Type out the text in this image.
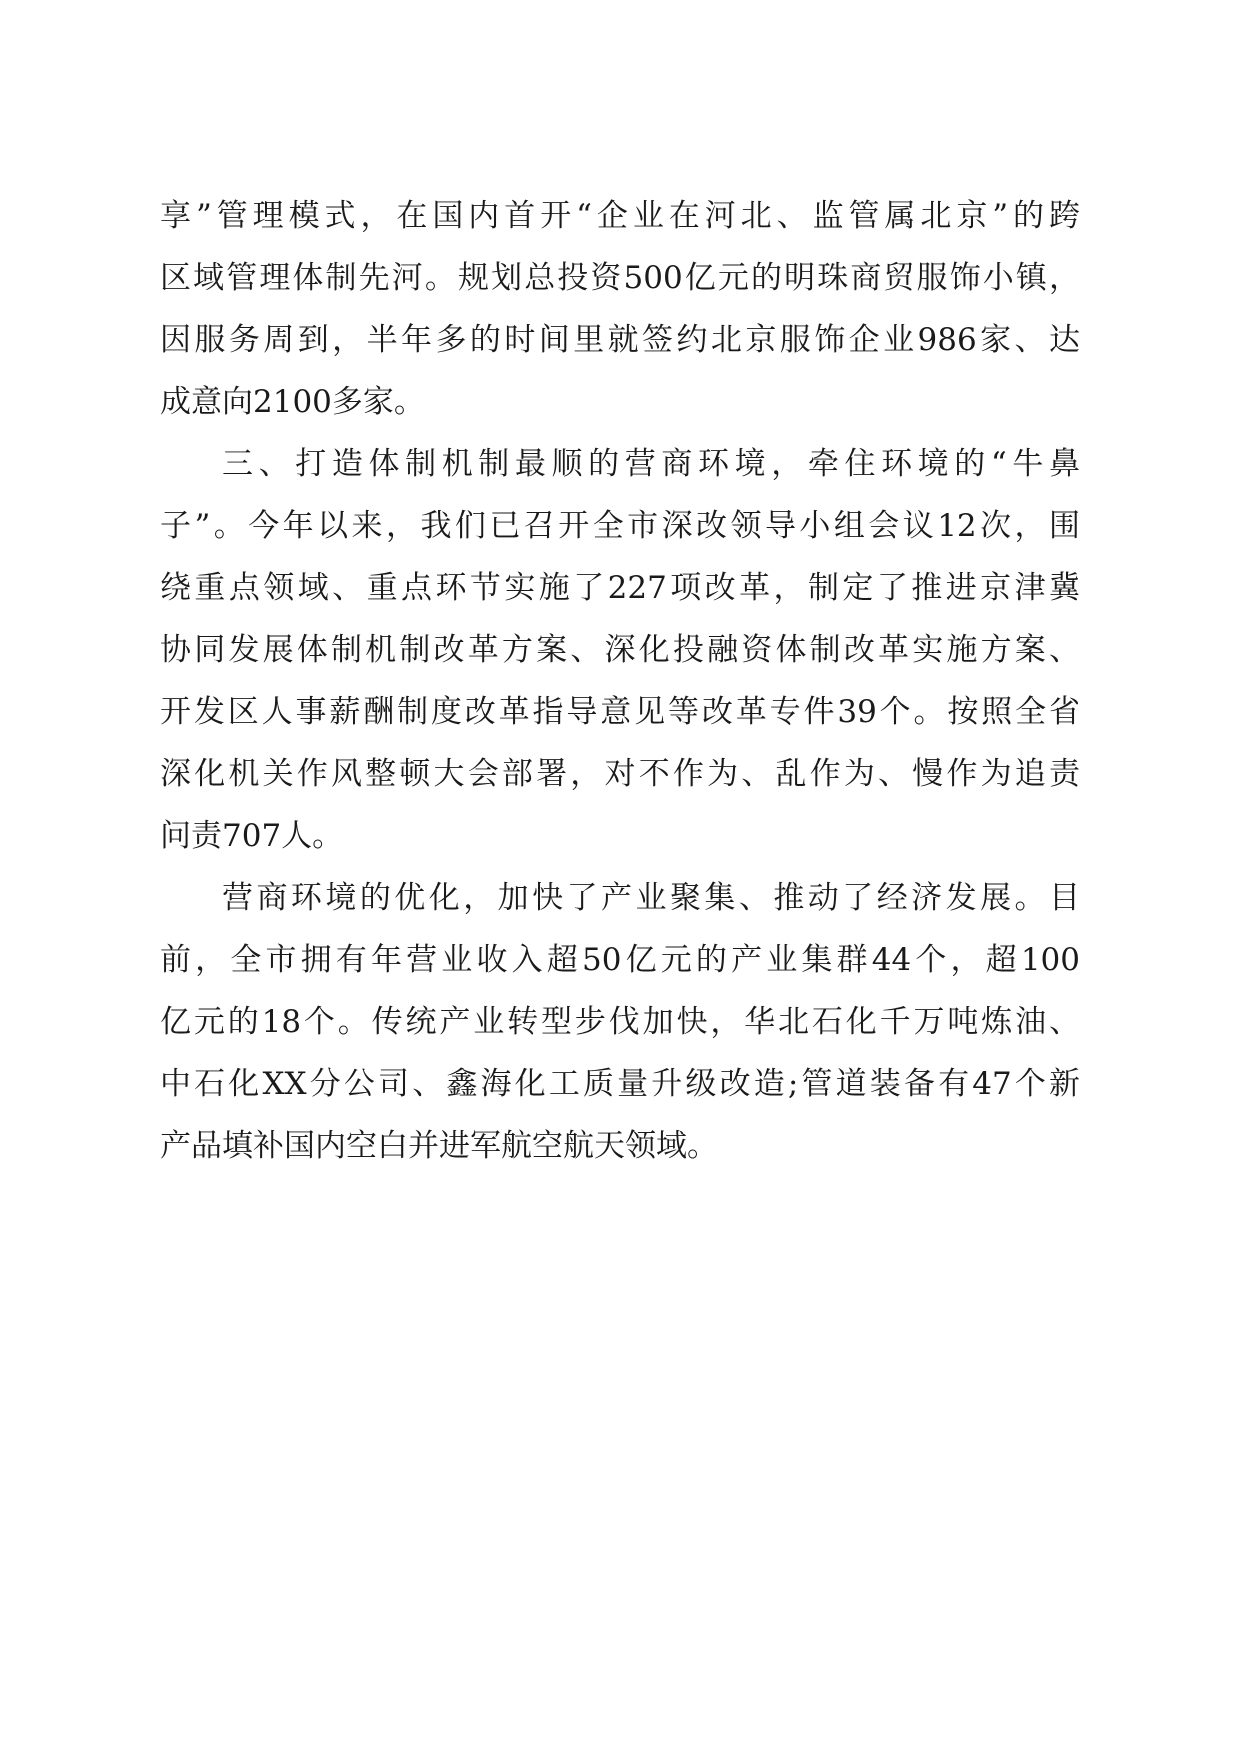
享”管理模式，在国内首开“企业在河北、监管属北京”的跨
区域管理体制先河。规划总投资500亿元的明珠商贸服饰小镇，
因服务周到，半年多的时间里就签约北京服饰企业986家、达
成意向2100多家。
三、打造体制机制最顺的营商环境，牵住环境的“牛鼻
子”。今年以来，我们已召开全市深改领导小组会议12次，围
绕重点领域、重点环节实施了227项改革，制定了推进京津冀
协同发展体制机制改革方案、深化投融资体制改革实施方案、
开发区人事薪酬制度改革指导意见等改革专件39个。按照全省
深化机关作风整顿大会部署，对不作为、乱作为、慢作为追责
问责707人。
营商环境的优化，加快了产业聚集、推动了经济发展。目
前，全市拥有年营业收入超50亿元的产业集群44个，超100
亿元的18个。传统产业转型步伐加快，华北石化千万吨炼油、
中石化XX分公司、鑫海化工质量升级改造;管道装备有47个新
产品填补国内空白并进军航空航天领域。
